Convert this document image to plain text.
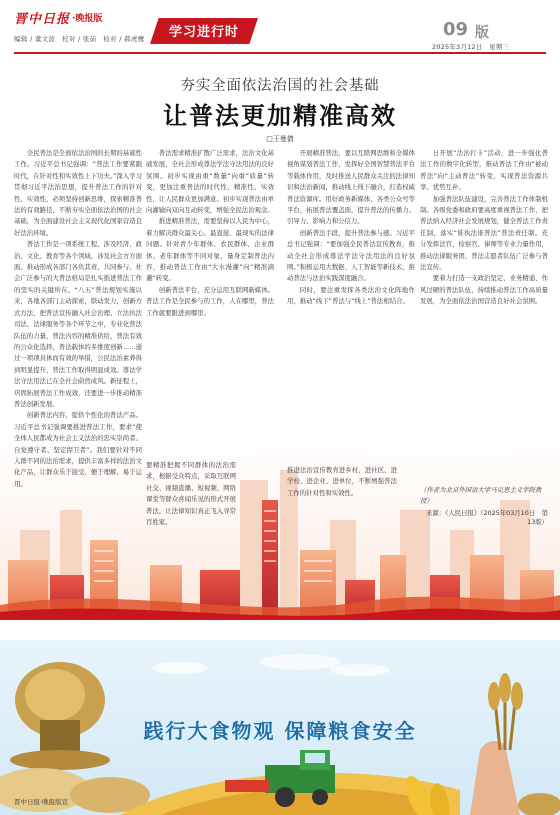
晋中日报 ·晚报版
编辑 / 董文波　校对 / 张茹　检对 / 郝虎鹰	学习进行时	09 版
2025年3月12日　星期三
夯实全面依法治国的社会基础
让普法更加精准高效
□王曼倩

全民普法是全面依法治国的长期的基础性工作。习近平总书记强调：“普法工作要紧跟时代，在针对性和实效性上下功夫。”深入学习贯彻习近平法治思想，提升普法工作的针对性、实效性，必须坚持创新思维，探索精准普法的有效路径，不断夯实全面依法治国的社会基础，为全面建设社会主义现代化国家营造良好法治环境。

普法工作是一项系统工程，涉及经济、政治、文化、教育等各个领域，涉及社会方方面面。推动形成各部门各负其责、共同参与、社会广泛参与的大普法格局是扎实推进普法工作的坚实的关键所在。“八五”普法规划实施以来，各地各部门主动探索，联动发力，创新方式方法，把普法宣传融入社会治理、立法执法司法、法律服务等各个环节之中，专业化普法队伍的力量，普法内容的精准供给，普法有效的公众化选择，普法载体的多维度创新……通过一项项具体而有效的举措，公民法治素养得到明显提升，普法工作取得明显成效。尊法学法守法用法已在全社会蔚然成风。新征程上，巩固拓展普法工作成效，还要进一步推动精准普法创新发展。

创新普法内容，提供个性化的普法产品。习近平总书记强调要推进普法工作，要求“使全体人民都成为社会主义法治的忠实崇尚者、自觉遵守者、坚定捍卫者”。我们要针对不同人群不同的法治需求，提供丰富多样的法治文化产品，让群众乐于接受、便于理解、易于运用。

普法需求精准扩散广泛需求，法治文化基础发展，全社会形成尊法学法守法用法的良好氛围。初步实现由重“数量”向重“质量”转变，更加注重普法的时代性、精准性、实效性，让人民群众更加满意。初步实现普法由单向灌输向双向互动转变，增强全民法治观念。

推进精准普法，需要坚持以人民为中心，着力解决群众最关心、最直接、最现实的法律问题。针对青少年群体、农民群体、企业群体、老年群体等不同对象，量身定制普法内容，推动普法工作由“大水漫灌”向“精准滴灌”转变。

创新普法平台，充分运用互联网新媒体。普法工作是全民参与的工作，人在哪里，普法工作就要跟进到哪里。

要精准把握不同群体的法治需求，根据受众特点，采取互联网社交、视频直播、短视频、网络课堂等群众喜闻乐见的形式开展普法，让法律知识真正飞入寻常百姓家。

开展精准普法，要以互联网思维和全媒体视角谋划普法工作，发挥好全国智慧普法平台等载体作用，及时推送人民群众关注的法律知识和法治新闻，推动线上线下融合，打造权威普法资源库。用好政务新媒体、各类公众号等平台，拓展普法覆盖面，提升普法的传播力、引导力、影响力和公信力。

创新普法手段，提升普法参与感。习近平总书记强调：“要加强全民普法宣传教育，推动全社会形成尊法学法守法用法的良好氛围。”积极运用大数据、人工智能等新技术，推动普法与法治实践深度融合。

同时，要注重发挥各类法治文化阵地作用，推动“线下”普法与“线上”普法相结合。

推进法治宣传教育进乡村、进社区、进学校、进企业、进单位，不断增强普法工作的针对性和实效性。

日开展“法治打卡”活动，进一步强化普法工作的数字化转型，推动普法工作由“被动普法”向“主动普法”转变，实现普法资源共享、优势互补。

加强普法队伍建设，完善普法工作体制机制。各级党委和政府要高度重视普法工作，把普法纳入经济社会发展规划，健全普法工作责任制，落实“谁执法谁普法”普法责任制。充分发挥法官、检察官、律师等专业力量作用，推动法律服务团、普法志愿者队伍广泛参与普法宣传。

要着力打造一支政治坚定、业务精通、作风过硬的普法队伍，持续推动普法工作高质量发展，为全面依法治国营造良好社会氛围。

（作者为北京外国语大学马克思主义学院教授）
来源：《人民日报》（2025年03月10日　第13版）
践行大食物观 保障粮食安全
晋中日报·晚报版宣
